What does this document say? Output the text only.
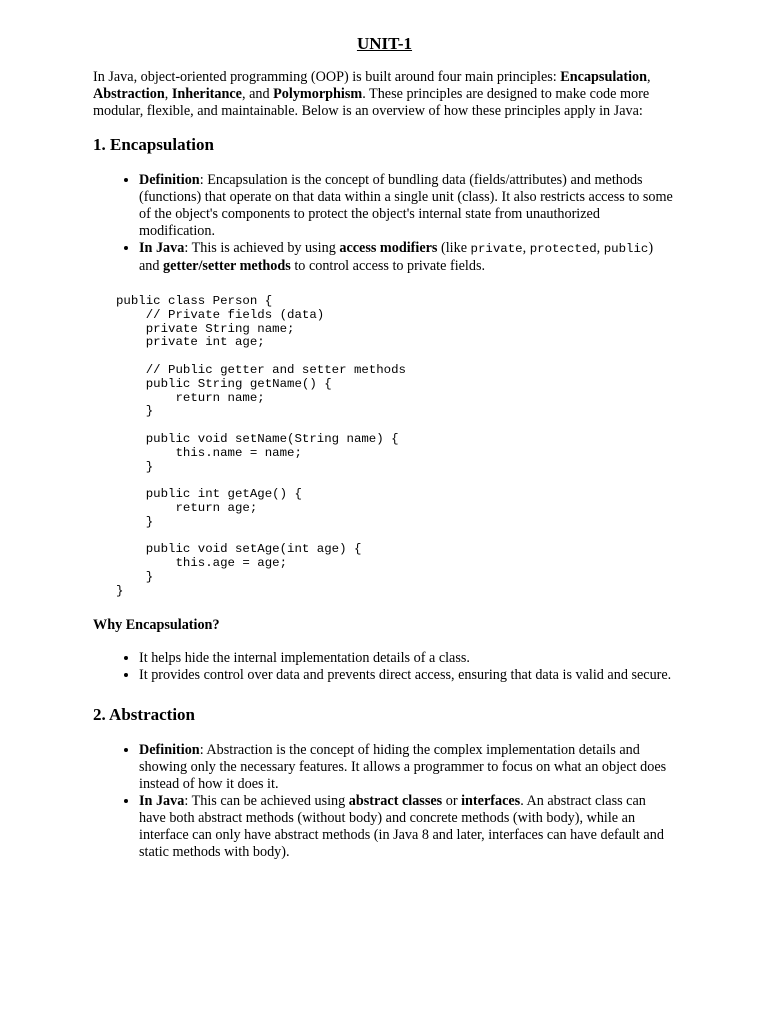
UNIT-1

In Java, object-oriented programming (OOP) is built around four main principles: Encapsulation, Abstraction, Inheritance, and Polymorphism. These principles are designed to make code more modular, flexible, and maintainable. Below is an overview of how these principles apply in Java:

1. Encapsulation
• Definition: Encapsulation is the concept of bundling data (fields/attributes) and methods (functions) that operate on that data within a single unit (class). It also restricts access to some of the object's components to protect the object's internal state from unauthorized modification.
• In Java: This is achieved by using access modifiers (like private, protected, public) and getter/setter methods to control access to private fields.
public class Person {
// Private fields (data)
private String name;
private int age;

// Public getter and setter methods
public String getName() {
return name;
}

public void setName(String name) {
this.name = name;
}

public int getAge() {
return age;
}

public void setAge(int age) {
this.age = age;
}
}
Why Encapsulation?
• It helps hide the internal implementation details of a class.
• It provides control over data and prevents direct access, ensuring that data is valid and secure.
2. Abstraction
• Definition: Abstraction is the concept of hiding the complex implementation details and showing only the necessary features. It allows a programmer to focus on what an object does instead of how it does it.
• In Java: This can be achieved using abstract classes or interfaces. An abstract class can have both abstract methods (without body) and concrete methods (with body), while an interface can only have abstract methods (in Java 8 and later, interfaces can have default and static methods with body).
